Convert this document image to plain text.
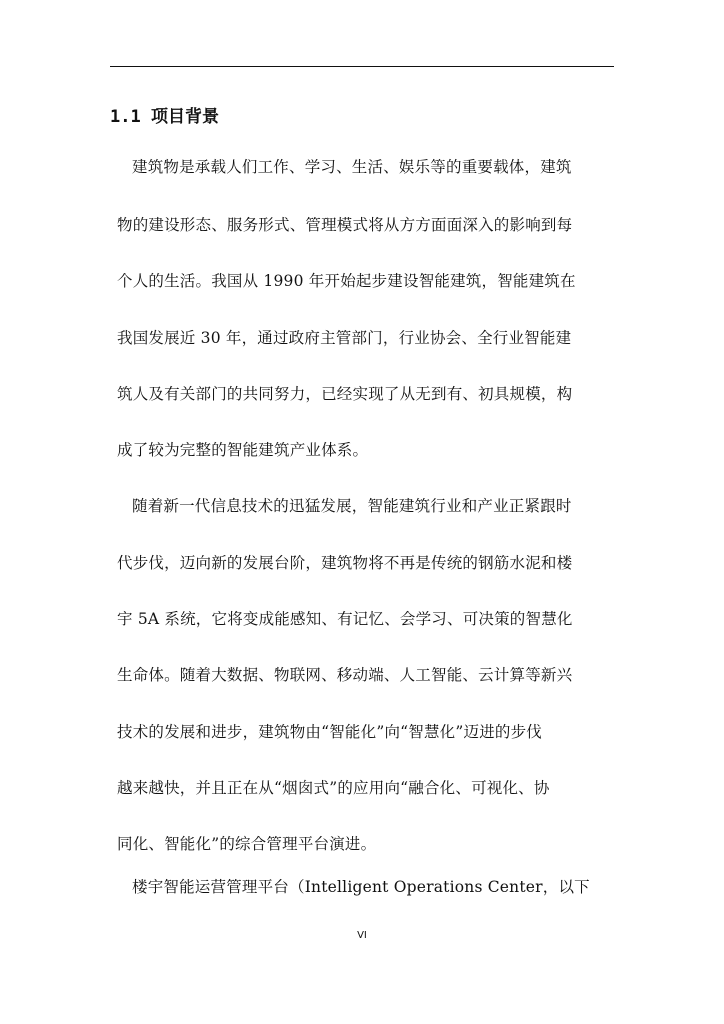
1.1 项目背景
建筑物是承载人们工作、学习、生活、娱乐等的重要载体，建筑
物的建设形态、服务形式、管理模式将从方方面面深入的影响到每
个人的生活。我国从 1990 年开始起步建设智能建筑，智能建筑在
我国发展近 30 年，通过政府主管部门，行业协会、全行业智能建
筑人及有关部门的共同努力，已经实现了从无到有、初具规模，构
成了较为完整的智能建筑产业体系。
随着新一代信息技术的迅猛发展，智能建筑行业和产业正紧跟时
代步伐，迈向新的发展台阶，建筑物将不再是传统的钢筋水泥和楼
宇 5A 系统，它将变成能感知、有记忆、会学习、可决策的智慧化
生命体。随着大数据、物联网、移动端、人工智能、云计算等新兴
技术的发展和进步，建筑物由“智能化”向“智慧化”迈进的步伐
越来越快，并且正在从“烟囱式”的应用向“融合化、可视化、协
同化、智能化”的综合管理平台演进。
楼宇智能运营管理平台（Intelligent Operations Center，以下
VI
